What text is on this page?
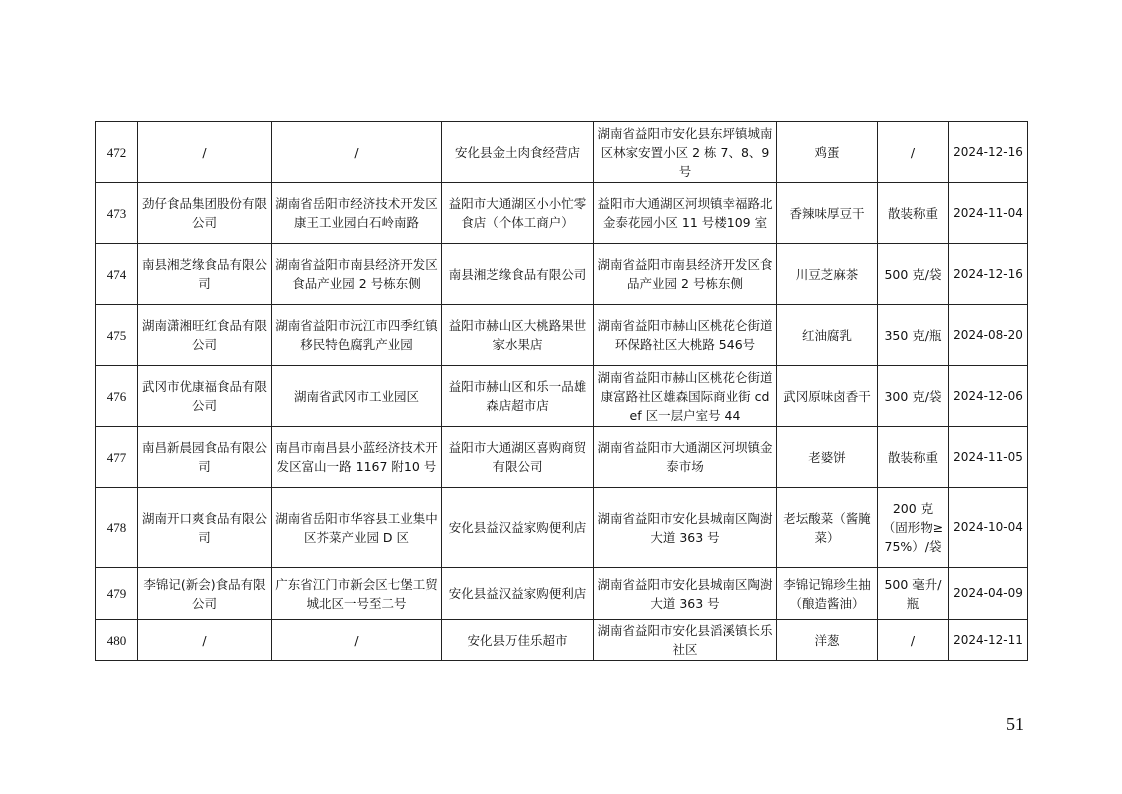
472	/	/	安化县金土肉食经营店	湖南省益阳市安化县东坪镇城南区林家安置小区 2 栋 7、8、9 号	鸡蛋	/	2024-12-16
473	劲仔食品集团股份有限公司	湖南省岳阳市经济技术开发区康王工业园白石岭南路	益阳市大通湖区小小忙零食店（个体工商户）	益阳市大通湖区河坝镇幸福路北金泰花园小区 11 号楼109 室	香辣味厚豆干	散装称重	2024-11-04
474	南县湘芝缘食品有限公司	湖南省益阳市南县经济开发区食品产业园 2 号栋东侧	南县湘芝缘食品有限公司	湖南省益阳市南县经济开发区食品产业园 2 号栋东侧	川豆芝麻茶	500 克/袋	2024-12-16
475	湖南潇湘旺红食品有限公司	湖南省益阳市沅江市四季红镇移民特色腐乳产业园	益阳市赫山区大桃路果世家水果店	湖南省益阳市赫山区桃花仑街道环保路社区大桃路 546号	红油腐乳	350 克/瓶	2024-08-20
476	武冈市优康福食品有限公司	湖南省武冈市工业园区	益阳市赫山区和乐一品雄森店超市店	湖南省益阳市赫山区桃花仑街道康富路社区雄森国际商业街 cdef 区一层户室号 44	武冈原味卤香干	300 克/袋	2024-12-06
477	南昌新晨园食品有限公司	南昌市南昌县小蓝经济技术开发区富山一路 1167 附10 号	益阳市大通湖区喜购商贸有限公司	湖南省益阳市大通湖区河坝镇金泰市场	老婆饼	散装称重	2024-11-05
478	湖南开口爽食品有限公司	湖南省岳阳市华容县工业集中区芥菜产业园 D 区	安化县益汉益家购便利店	湖南省益阳市安化县城南区陶澍大道 363 号	老坛酸菜（酱腌菜）	200 克（固形物≥75%）/袋	2024-10-04
479	李锦记(新会)食品有限公司	广东省江门市新会区七堡工贸城北区一号至二号	安化县益汉益家购便利店	湖南省益阳市安化县城南区陶澍大道 363 号	李锦记锦珍生抽（酿造酱油）	500 毫升/瓶	2024-04-09
480	/	/	安化县万佳乐超市	湖南省益阳市安化县滔溪镇长乐社区	洋葱	/	2024-12-11
51
